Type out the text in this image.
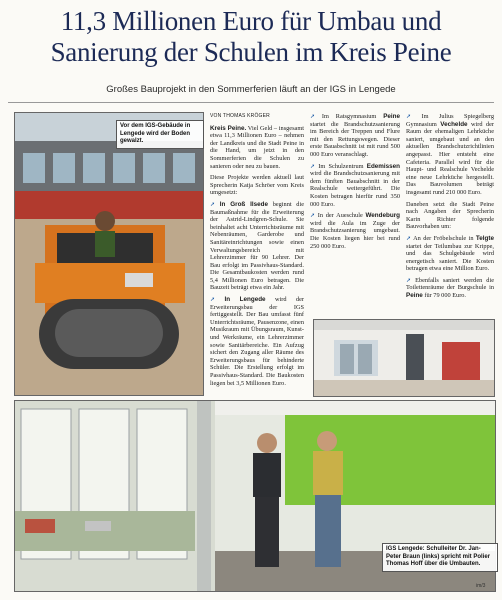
11,3 Millionen Euro für Umbau und
Sanierung der Schulen im Kreis Peine
Großes Bauprojekt in den Sommerferien läuft an der IGS in Lengede
Vor dem IGS-Gebäude in Lengede wird der Boden gewalzt.
VON THOMAS KRÖGER

Kreis Peine. Viel Geld – insgesamt etwa 11,3 Millionen Euro – nehmen der Landkreis und die Stadt Peine in die Hand, um jetzt in den Sommerferien die Schulen zu sanieren oder neu zu bauen.

Diese Projekte werden aktuell laut Sprecherin Katja Schröer vom Kreis umgesetzt:

➚ In Groß Ilsede beginnt die Baumaßnahme für die Erweiterung der Astrid-Lindgren-Schule. Sie beinhaltet acht Unterrichtsräume mit Nebenräumen, Garderobe und Sanitäreinrichtungen sowie einen Verwaltungsbereich mit Lehrerzimmer für 90 Lehrer. Der Bau erfolgt im Passivhaus-Standard. Die Gesamtbaukosten werden rund 5,4 Millionen Euro betragen. Die Bauzeit beträgt etwa ein Jahr.

➚ In Lengede wird der Erweiterungsbau der IGS fertiggestellt. Der Bau umfasst fünf Unterrichtsräume, Pausenzone, einen Musikraum mit Übungsraum, Kunst- und Werkräume, ein Lehrerzimmer sowie Sanitärbereiche. Ein Aufzug sichert den Zugang aller Räume des Erweiterungsbaus für behinderte Schüler. Die Erstellung erfolgt im Passivhaus-Standard. Die Baukosten liegen bei 3,5 Millionen Euro.

➚ Im Ratsgymnasium Peine startet die Brandschutzsanierung im Bereich der Treppen und Flure mit den Rettungswegen. Dieser erste Bauabschnitt ist mit rund 500 000 Euro veranschlagt.

➚ Im Schulzentrum Edemissen wird die Brandschutzsanierung mit dem fünften Bauabschnitt in der Realschule weitergeführt. Die Kosten betragen hierfür rund 350 000 Euro.

➚ In der Aueschule Wendeburg wird die Aula im Zuge der Brandschutzsanierung umgebaut. Die Kosten liegen hier bei rund 250 000 Euro.

➚ Im Julius Spiegelberg Gymnasium Vechelde wird der Raum der ehemaligen Lehrküche saniert, umgebaut und an den aktuellen Brandschutzrichtlinien angepasst. Hier entsteht eine Cafeteria. Parallel wird für die Haupt- und Realschule Vechelde eine neue Lehrküche hergestellt. Das Bauvolumen beträgt insgesamt rund 210 000 Euro.

Daneben setzt die Stadt Peine nach Angaben der Sprecherin Karin Richter folgende Bauvorhaben um:

➚ An der Fröbelschule in Telgte startet der Teilumbau zur Krippe, und das Schulgebäude wird energetisch saniert. Die Kosten betragen etwa eine Million Euro.

➚ Ebenfalls saniert werden die Toilettenräume der Burgschule in Peine für 79 000 Euro.

IGS Lengede: Schulleiter Dr. Jan-Peter Braun (links) spricht mit Polier Thomas Hoff über die Umbauten.
im/3
